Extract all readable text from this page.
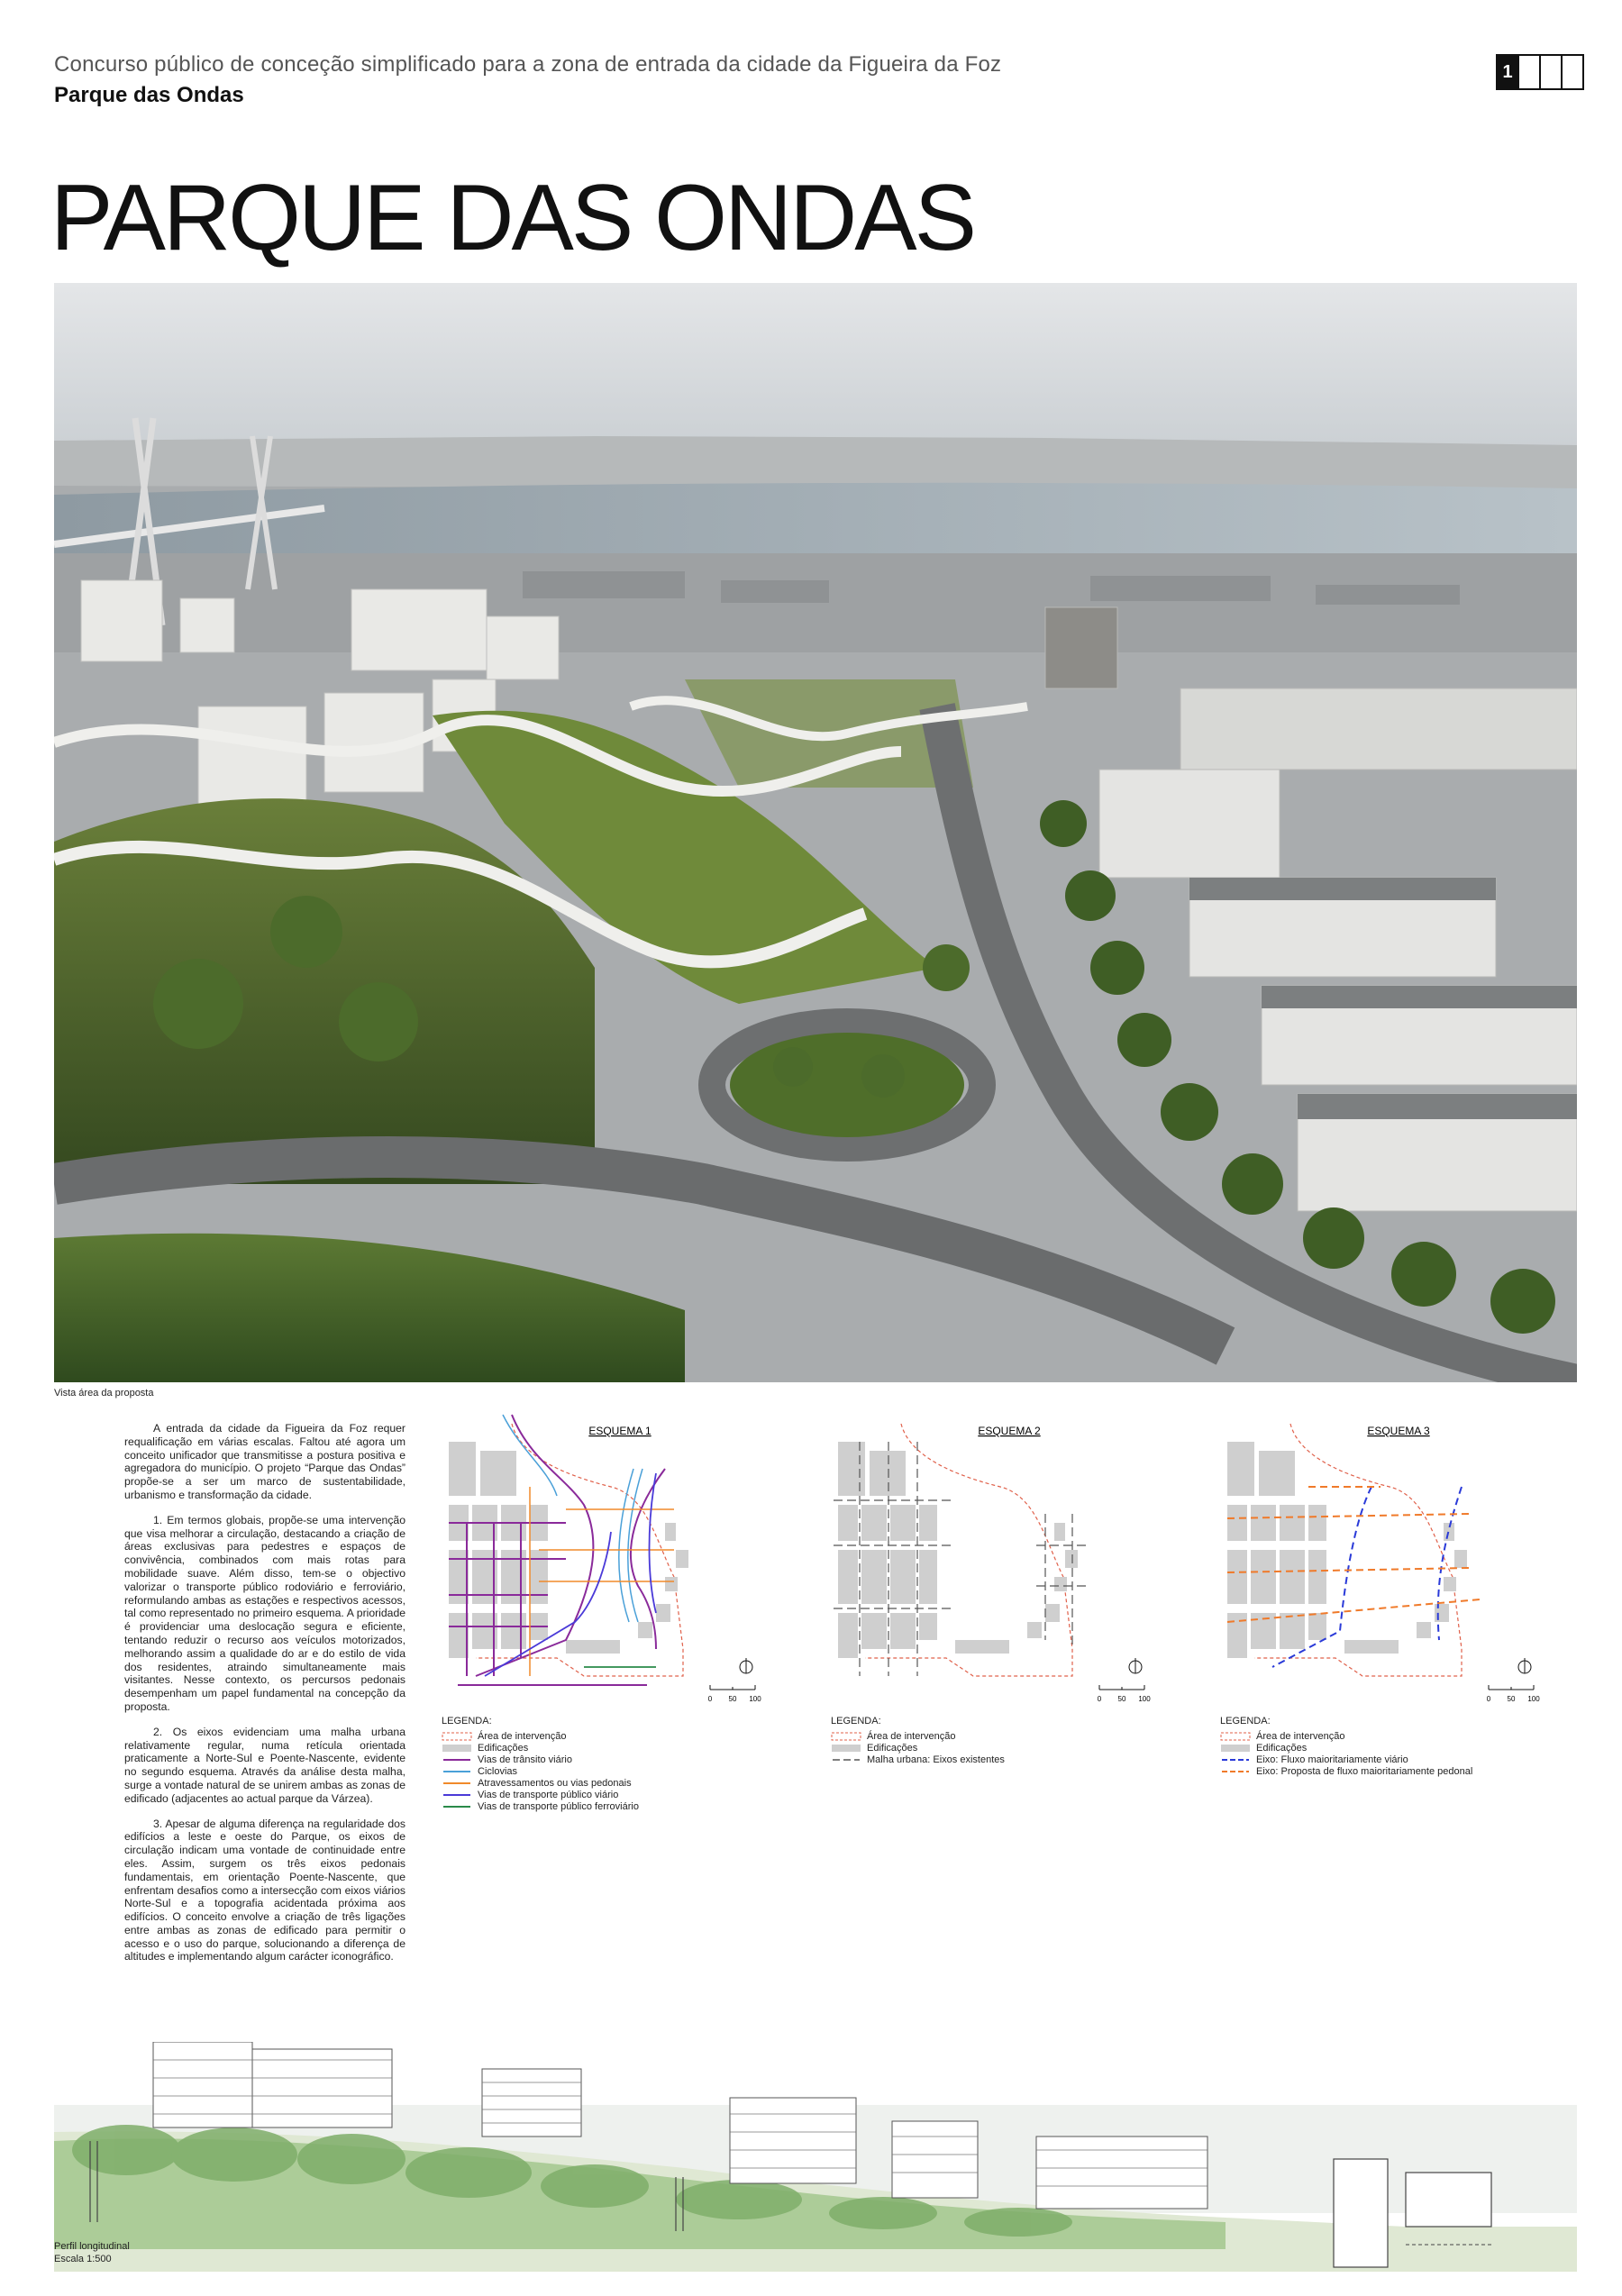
Concurso público de conceção simplificado para a zona de entrada da cidade da Figueira da Foz
Parque das Ondas
1
PARQUE DAS ONDAS
Vista área da proposta

A entrada da cidade da Figueira da Foz requer requalificação em várias escalas. Faltou até agora um conceito unificador que transmitisse a postura positiva e agregadora do município. O projeto “Parque das Ondas” propõe-se a ser um marco de sustentabilidade, urbanismo e transformação da cidade.

1. Em termos globais, propõe-se uma intervenção que visa melhorar a circulação, destacando a criação de áreas exclusivas para pedestres e espaços de convivência, combinados com mais rotas para mobilidade suave. Além disso, tem-se o objectivo valorizar o transporte público rodoviário e ferroviário, reformulando ambas as estações e respectivos acessos, tal como representado no primeiro esquema. A prioridade é providenciar uma deslocação segura e eficiente, tentando reduzir o recurso aos veículos motorizados, melhorando assim a qualidade do ar e do estilo de vida dos residentes, atraindo simultaneamente mais visitantes. Nesse contexto, os percursos pedonais desempenham um papel fundamental na concepção da proposta.

2. Os eixos evidenciam uma malha urbana relativamente regular, numa retícula orientada praticamente a Norte-Sul e Poente-Nascente, evidente no segundo esquema. Através da análise desta malha, surge a vontade natural de se unirem ambas as zonas de edificado (adjacentes ao actual parque da Várzea).

3. Apesar de alguma diferença na regularidade dos edifícios a leste e oeste do Parque, os eixos de circulação indicam uma vontade de continuidade entre eles. Assim, surgem os três eixos pedonais fundamentais, em orientação Poente-Nascente, que enfrentam desafios como a intersecção com eixos viários Norte-Sul e a topografia acidentada próxima aos edifícios. O conceito envolve a criação de três ligações entre ambas as zonas de edificado para permitir o acesso e o uso do parque, solucionando a diferença de altitudes e implementando algum carácter iconográfico.

ESQUEMA 1
0 50 100
LEGENDA:
Área de intervenção
Edificações
Vias de trânsito viário
Ciclovias
Atravessamentos ou vias pedonais
Vias de transporte público viário
Vias de transporte público ferroviário
ESQUEMA 2
0 50 100
LEGENDA:
Área de intervenção
Edificações
Malha urbana: Eixos existentes
ESQUEMA 3
0 50 100
LEGENDA:
Área de intervenção
Edificações
Eixo: Fluxo maioritariamente viário
Eixo: Proposta de fluxo maioritariamente pedonal
Perfil longitudinal
Escala 1:500
